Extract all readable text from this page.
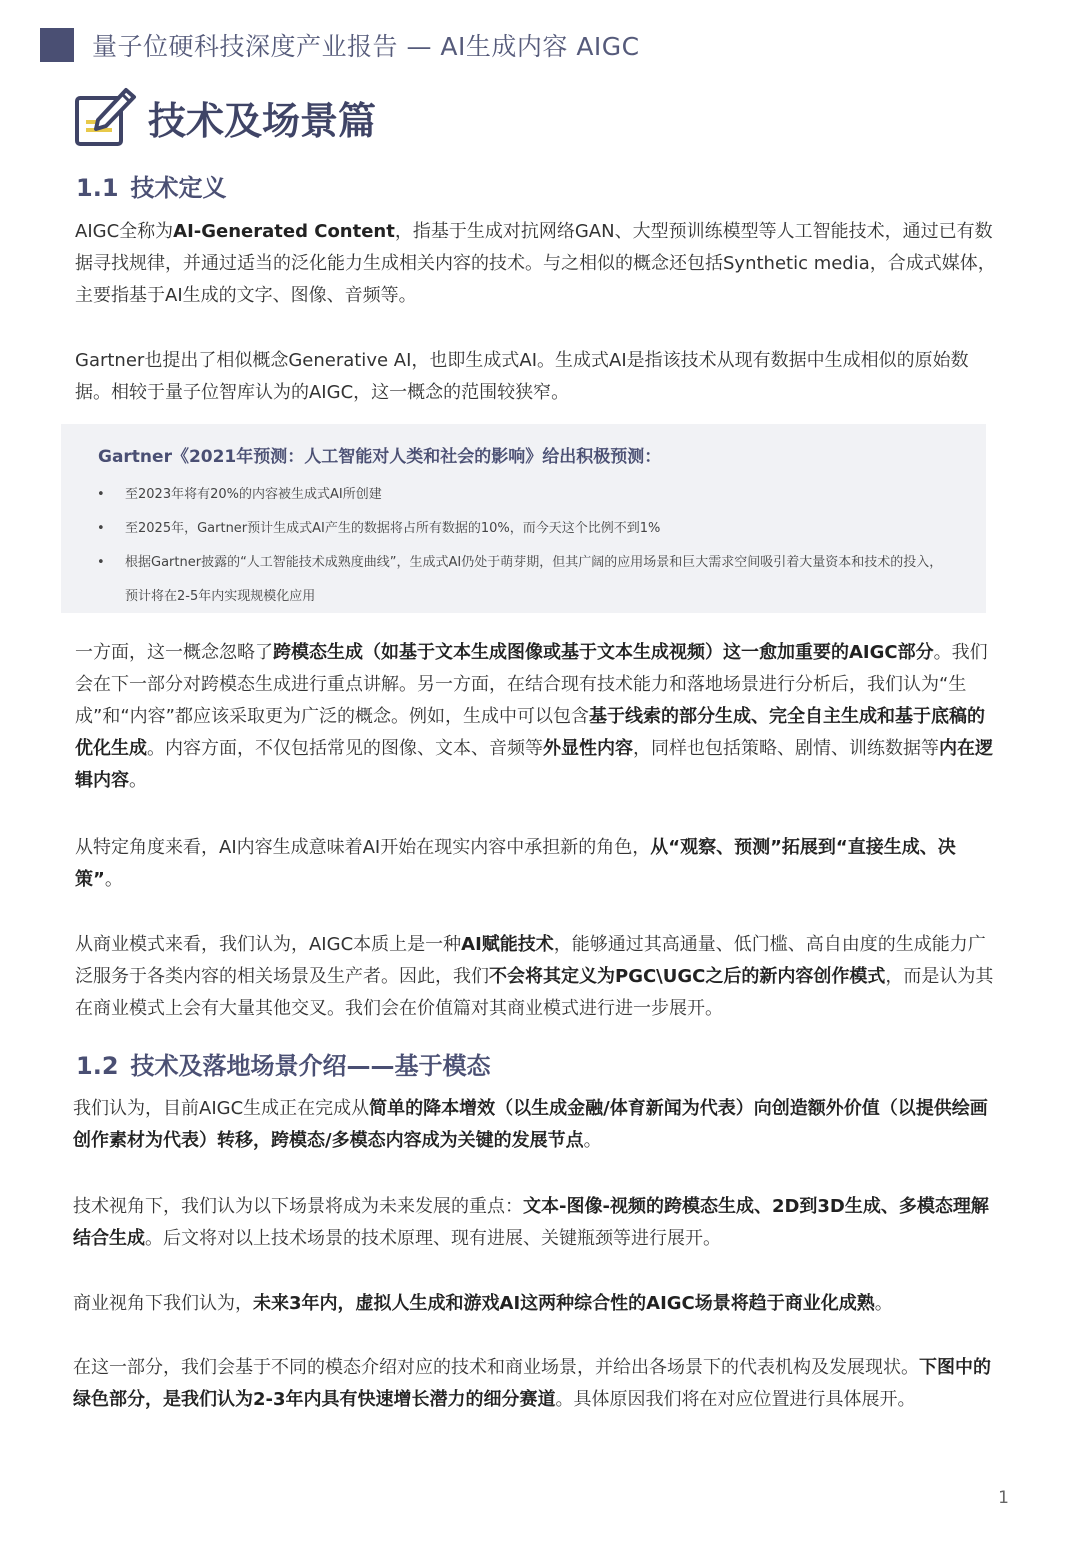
量子位硬科技深度产业报告 — AI生成内容 AIGC
技术及场景篇
1.1 技术定义
AIGC全称为AI-Generated Content，指基于生成对抗网络GAN、大型预训练模型等人工智能技术，通过已有数据寻找规律，并通过适当的泛化能力生成相关内容的技术。与之相似的概念还包括Synthetic media，合成式媒体，主要指基于AI生成的文字、图像、音频等。
Gartner也提出了相似概念Generative AI，也即生成式AI。生成式AI是指该技术从现有数据中生成相似的原始数据。相较于量子位智库认为的AIGC，这一概念的范围较狭窄。
Gartner《2021年预测：人工智能对人类和社会的影响》给出积极预测：
• 至2023年将有20%的内容被生成式AI所创建
• 至2025年，Gartner预计生成式AI产生的数据将占所有数据的10%，而今天这个比例不到1%
• 根据Gartner披露的“人工智能技术成熟度曲线”，生成式AI仍处于萌芽期，但其广阔的应用场景和巨大需求空间吸引着大量资本和技术的投入，预计将在2-5年内实现规模化应用
一方面，这一概念忽略了跨模态生成（如基于文本生成图像或基于文本生成视频）这一愈加重要的AIGC部分。我们会在下一部分对跨模态生成进行重点讲解。另一方面，在结合现有技术能力和落地场景进行分析后，我们认为“生成”和“内容”都应该采取更为广泛的概念。例如，生成中可以包含基于线索的部分生成、完全自主生成和基于底稿的优化生成。内容方面，不仅包括常见的图像、文本、音频等外显性内容，同样也包括策略、剧情、训练数据等内在逻辑内容。
从特定角度来看，AI内容生成意味着AI开始在现实内容中承担新的角色，从“观察、预测”拓展到“直接生成、决策”。
从商业模式来看，我们认为，AIGC本质上是一种AI赋能技术，能够通过其高通量、低门槛、高自由度的生成能力广泛服务于各类内容的相关场景及生产者。因此，我们不会将其定义为PGC\UGC之后的新内容创作模式，而是认为其在商业模式上会有大量其他交叉。我们会在价值篇对其商业模式进行进一步展开。
1.2 技术及落地场景介绍——基于模态
我们认为，目前AIGC生成正在完成从简单的降本增效（以生成金融/体育新闻为代表）向创造额外价值（以提供绘画创作素材为代表）转移，跨模态/多模态内容成为关键的发展节点。
技术视角下，我们认为以下场景将成为未来发展的重点：文本-图像-视频的跨模态生成、2D到3D生成、多模态理解结合生成。后文将对以上技术场景的技术原理、现有进展、关键瓶颈等进行展开。
商业视角下我们认为，未来3年内，虚拟人生成和游戏AI这两种综合性的AIGC场景将趋于商业化成熟。
在这一部分，我们会基于不同的模态介绍对应的技术和商业场景，并给出各场景下的代表机构及发展现状。下图中的绿色部分，是我们认为2-3年内具有快速增长潜力的细分赛道。具体原因我们将在对应位置进行具体展开。
1
